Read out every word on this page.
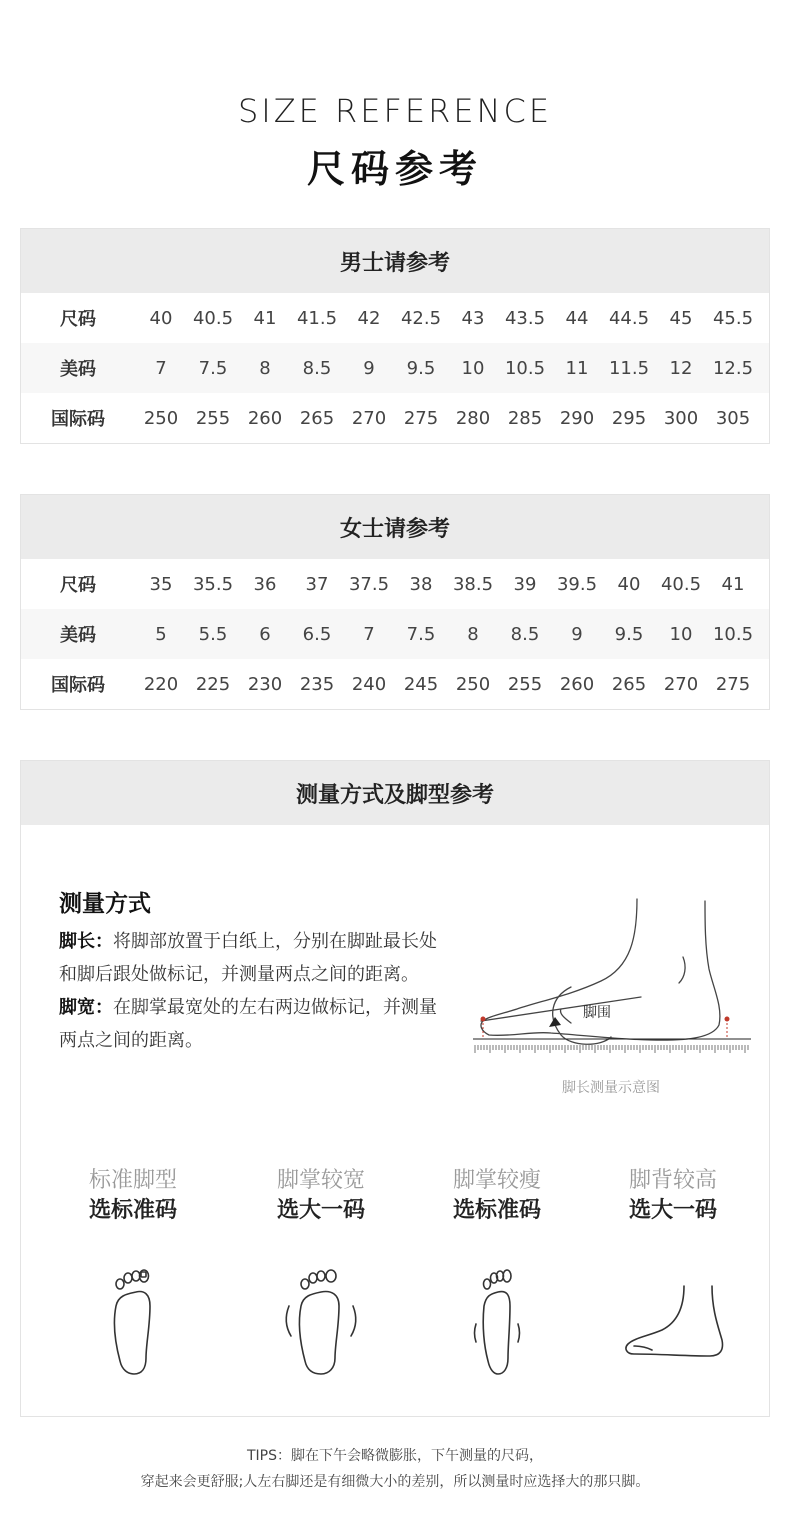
SIZE REFERENCE
尺码参考
男士请参考
尺码	40	40.5	41	41.5	42	42.5	43	43.5	44	44.5	45	45.5
美码	7	7.5	8	8.5	9	9.5	10	10.5	11	11.5	12	12.5
国际码	250 255 260 265 270 275 280 285 290 295 300 305
女士请参考
尺码	35	35.5	36	37	37.5	38	38.5	39	39.5	40	40.5	41
美码	5	5.5	6	6.5	7	7.5	8	8.5	9	9.5	10	10.5
国际码	220 225 230 235 240 245 250 255 260 265 270 275
测量方式及脚型参考
测量方式
脚长：将脚部放置于白纸上，分别在脚趾最长处和脚后跟处做标记，并测量两点之间的距离。
脚宽：在脚掌最宽处的左右两边做标记，并测量两点之间的距离。
脚围
脚长测量示意图
标准脚型
选标准码
脚掌较宽
选大一码
脚掌较瘦
选标准码
脚背较高
选大一码
TIPS：脚在下午会略微膨胀，下午测量的尺码，
穿起来会更舒服;人左右脚还是有细微大小的差别，所以测量时应选择大的那只脚。
